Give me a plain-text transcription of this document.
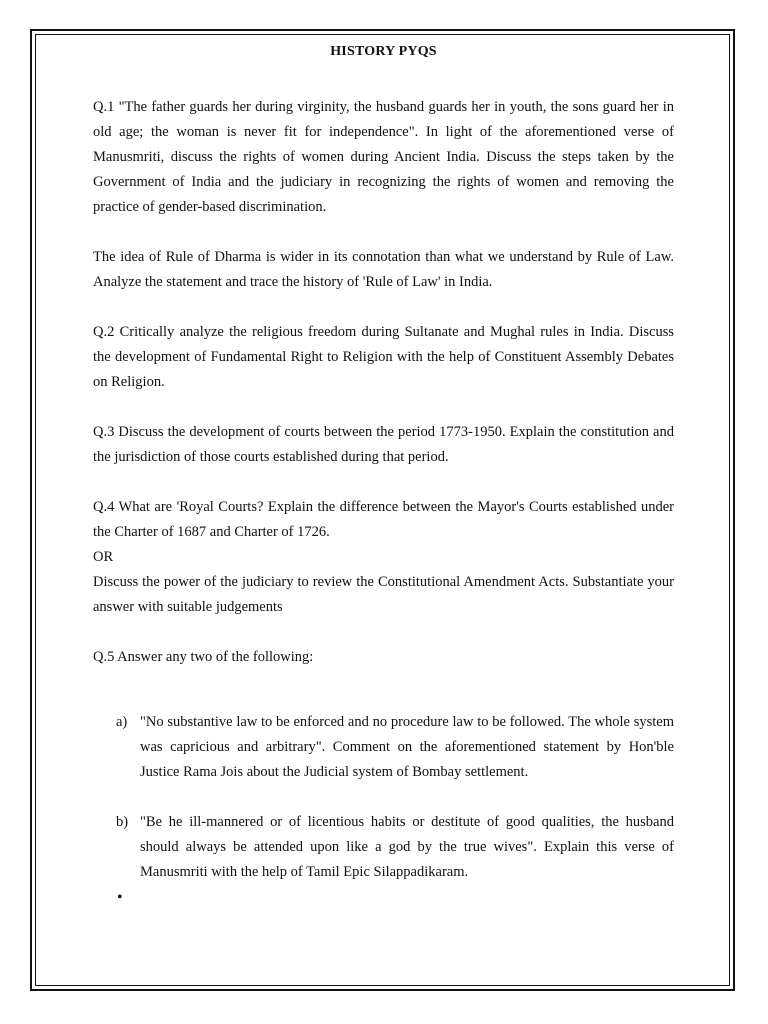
HISTORY PYQS

Q.1 "The father guards her during virginity, the husband guards her in youth, the sons guard her in old age; the woman is never fit for independence". In light of the aforementioned verse of Manusmriti, discuss the rights of women during Ancient India. Discuss the steps taken by the Government of India and the judiciary in recognizing the rights of women and removing the practice of gender-based discrimination.

The idea of Rule of Dharma is wider in its connotation than what we understand by Rule of Law. Analyze the statement and trace the history of 'Rule of Law' in India.

Q.2 Critically analyze the religious freedom during Sultanate and Mughal rules in India. Discuss the development of Fundamental Right to Religion with the help of Constituent Assembly Debates on Religion.

Q.3 Discuss the development of courts between the period 1773-1950. Explain the constitution and the jurisdiction of those courts established during that period.

Q.4 What are 'Royal Courts? Explain the difference between the Mayor's Courts established under the Charter of 1687 and Charter of 1726.

OR

Discuss the power of the judiciary to review the Constitutional Amendment Acts. Substantiate your answer with suitable judgements

Q.5 Answer any two of the following:

a) "No substantive law to be enforced and no procedure law to be followed. The whole system was capricious and arbitrary". Comment on the aforementioned statement by Hon'ble Justice Rama Jois about the Judicial system of Bombay settlement.
b) "Be he ill-mannered or of licentious habits or destitute of good qualities, the husband should always be attended upon like a god by the true wives". Explain this verse of Manusmriti with the help of Tamil Epic Silappadikaram.
•
